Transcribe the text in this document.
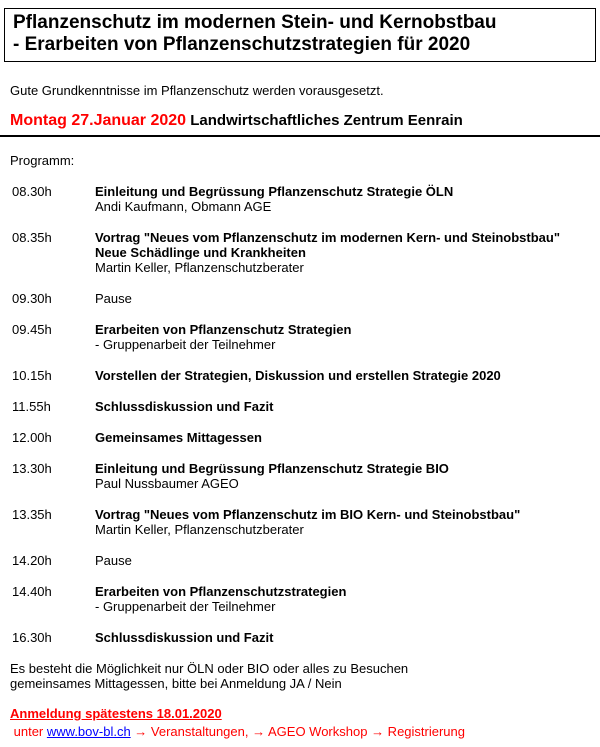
Pflanzenschutz im modernen Stein- und Kernobstbau
- Erarbeiten von Pflanzenschutzstrategien für 2020
Gute Grundkenntnisse im Pflanzenschutz werden vorausgesetzt.
Montag 27.Januar 2020 Landwirtschaftliches Zentrum Eenrain
Programm:
08.30h	Einleitung und Begrüssung Pflanzenschutz Strategie ÖLN
Andi Kaufmann, Obmann AGE
08.35h	Vortrag "Neues vom Pflanzenschutz im modernen Kern- und Steinobstbau"
Neue Schädlinge und Krankheiten
Martin Keller, Pflanzenschutzberater
09.30h	Pause
09.45h	Erarbeiten von Pflanzenschutz Strategien
- Gruppenarbeit der Teilnehmer
10.15h	Vorstellen der Strategien, Diskussion und erstellen Strategie 2020
11.55h	Schlussdiskussion und Fazit
12.00h	Gemeinsames Mittagessen
13.30h	Einleitung und Begrüssung Pflanzenschutz Strategie BIO
Paul Nussbaumer AGEO
13.35h	Vortrag "Neues vom Pflanzenschutz im BIO Kern- und Steinobstbau"
Martin Keller, Pflanzenschutzberater
14.20h	Pause
14.40h	Erarbeiten von Pflanzenschutzstrategien
- Gruppenarbeit der Teilnehmer
16.30h	Schlussdiskussion und Fazit
Es besteht die Möglichkeit nur ÖLN oder BIO oder alles zu Besuchen
gemeinsames Mittagessen, bitte bei Anmeldung JA / Nein
Anmeldung spätestens 18.01.2020
unter www.bov-bl.ch → Veranstaltungen, → AGEO Workshop → Registrierung
